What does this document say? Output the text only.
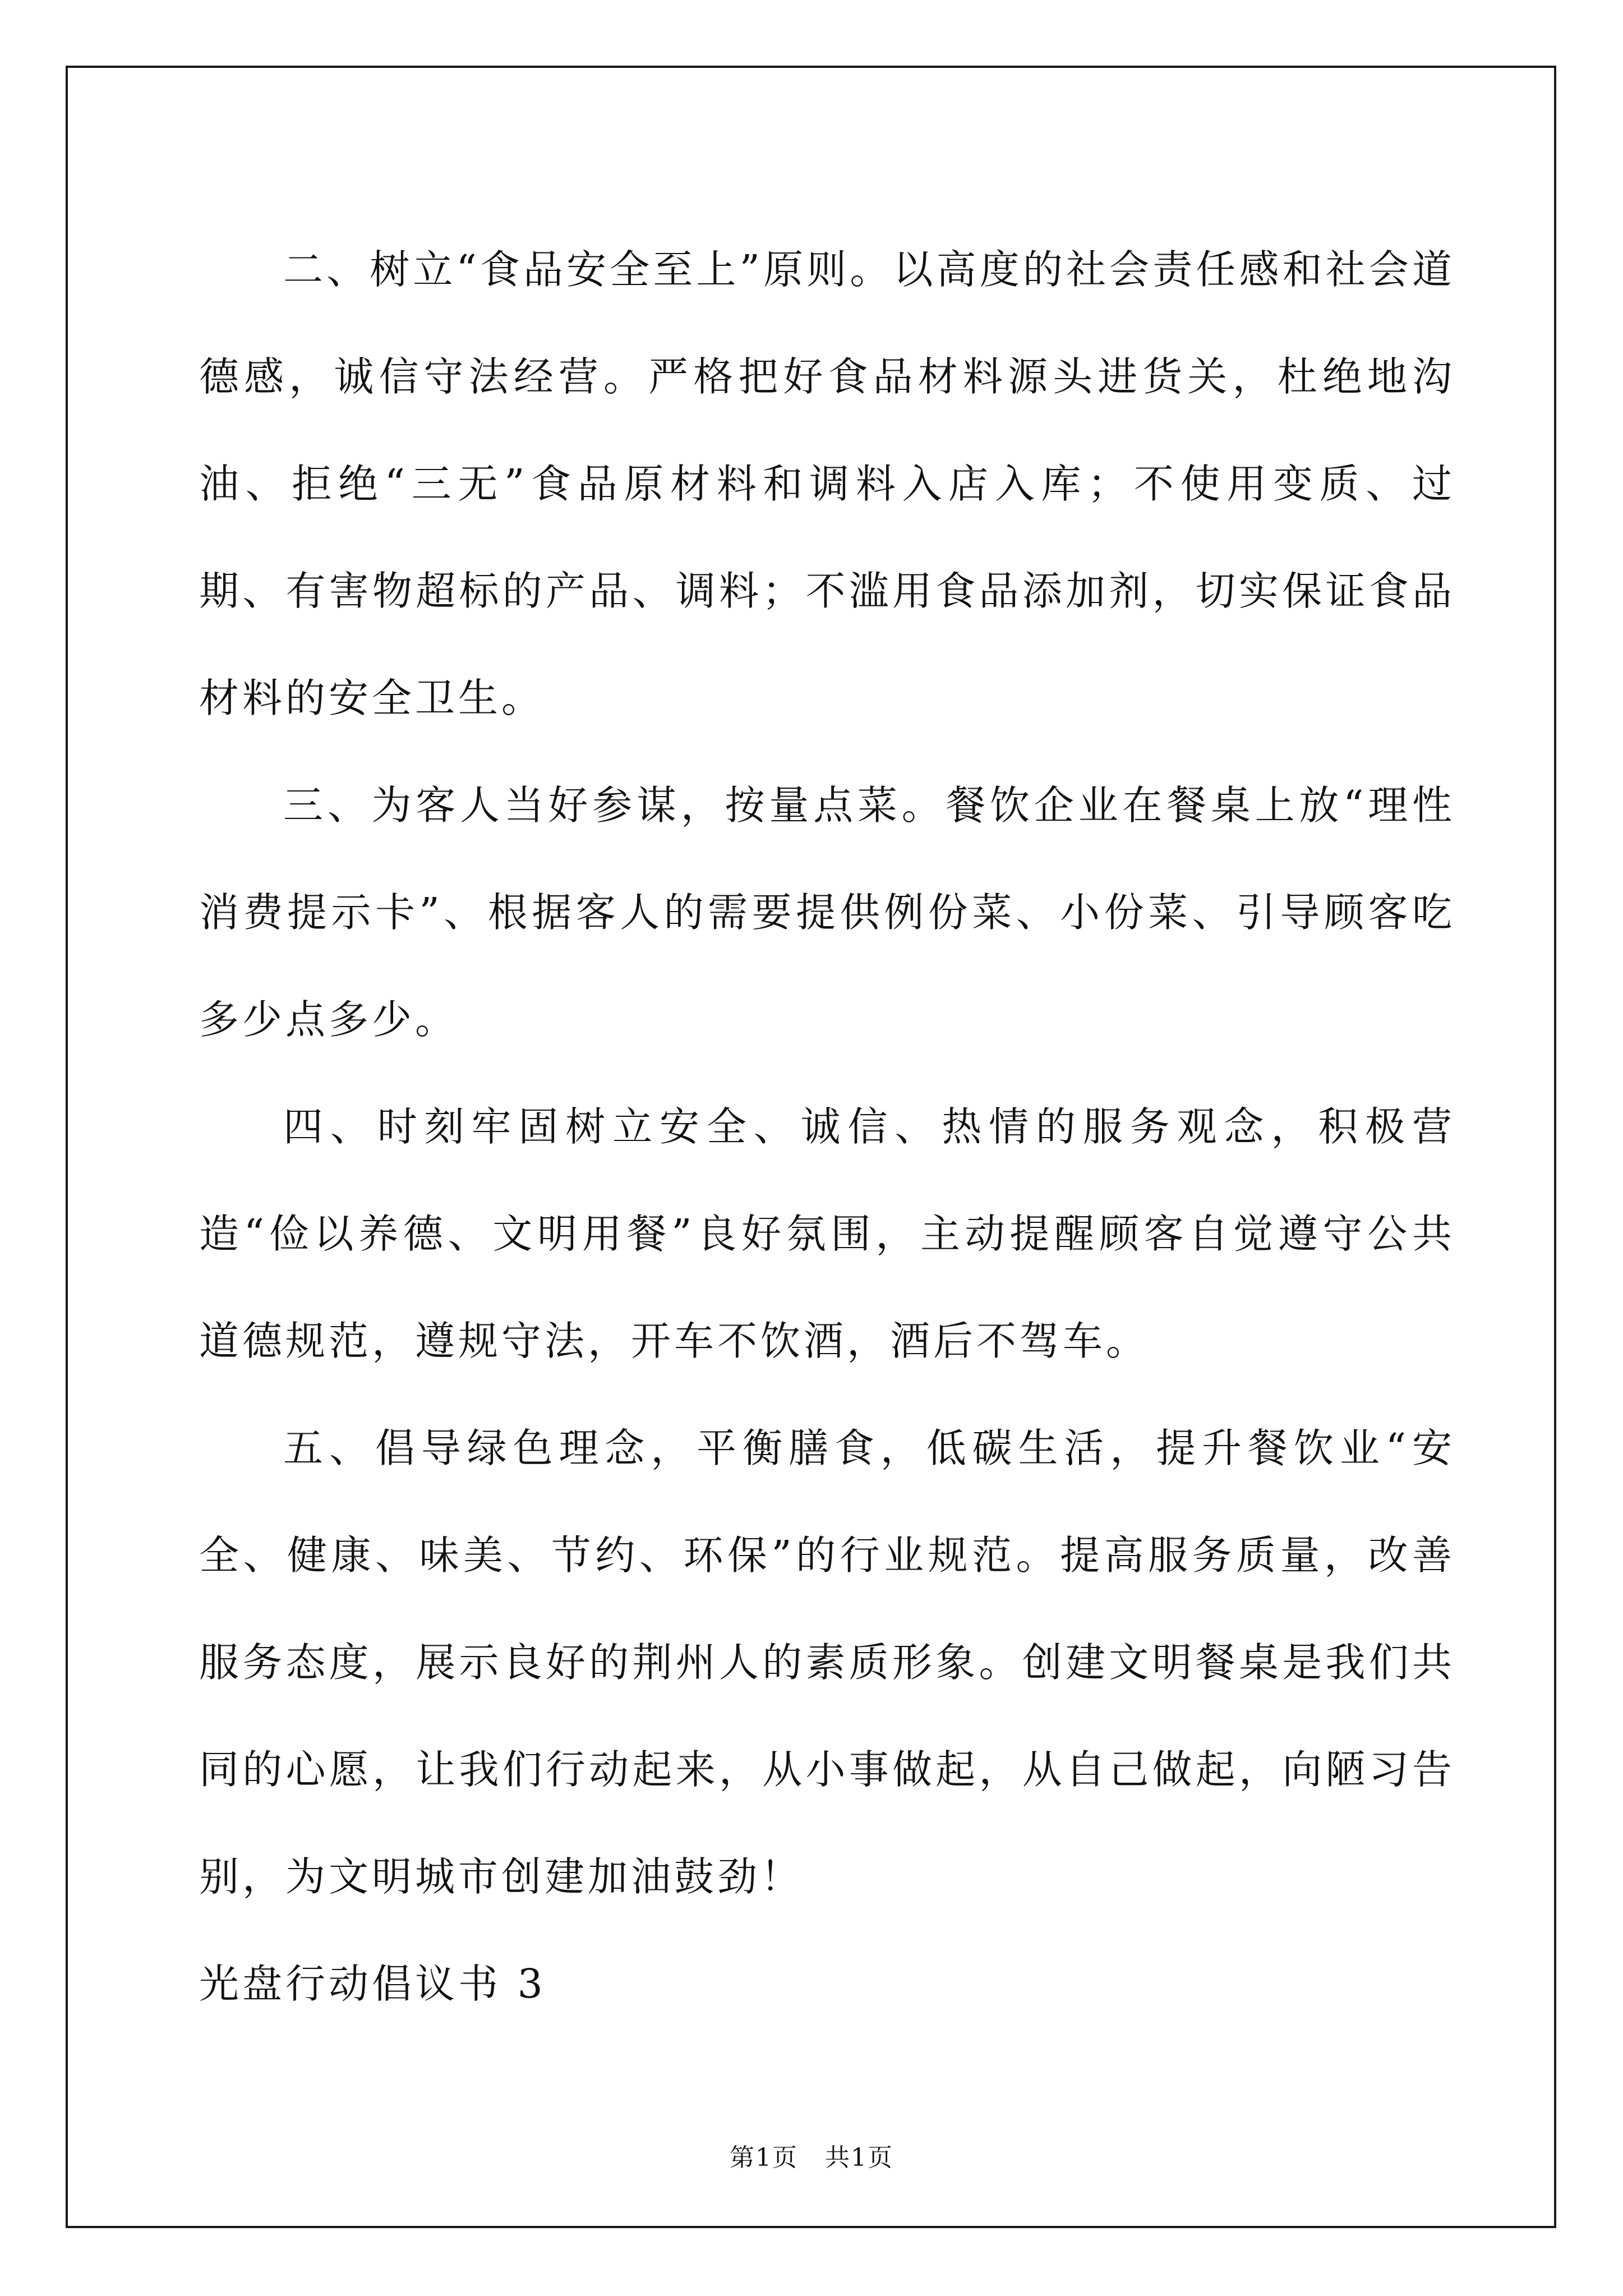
二、树立“食品安全至上”原则。以高度的社会责任感和社会道德感，诚信守法经营。严格把好食品材料源头进货关，杜绝地沟油、拒绝“三无”食品原材料和调料入店入库；不使用变质、过期、有害物超标的产品、调料；不滥用食品添加剂，切实保证食品材料的安全卫生。

三、为客人当好参谋，按量点菜。餐饮企业在餐桌上放“理性消费提示卡”、根据客人的需要提供例份菜、小份菜、引导顾客吃多少点多少。

四、时刻牢固树立安全、诚信、热情的服务观念，积极营造“俭以养德、文明用餐”良好氛围，主动提醒顾客自觉遵守公共道德规范，遵规守法，开车不饮酒，酒后不驾车。

五、倡导绿色理念，平衡膳食，低碳生活，提升餐饮业“安全、健康、味美、节约、环保”的行业规范。提高服务质量，改善服务态度，展示良好的荆州人的素质形象。创建文明餐桌是我们共同的心愿，让我们行动起来，从小事做起，从自己做起，向陋习告别，为文明城市创建加油鼓劲！

光盘行动倡议书 3

第1页 共1页
